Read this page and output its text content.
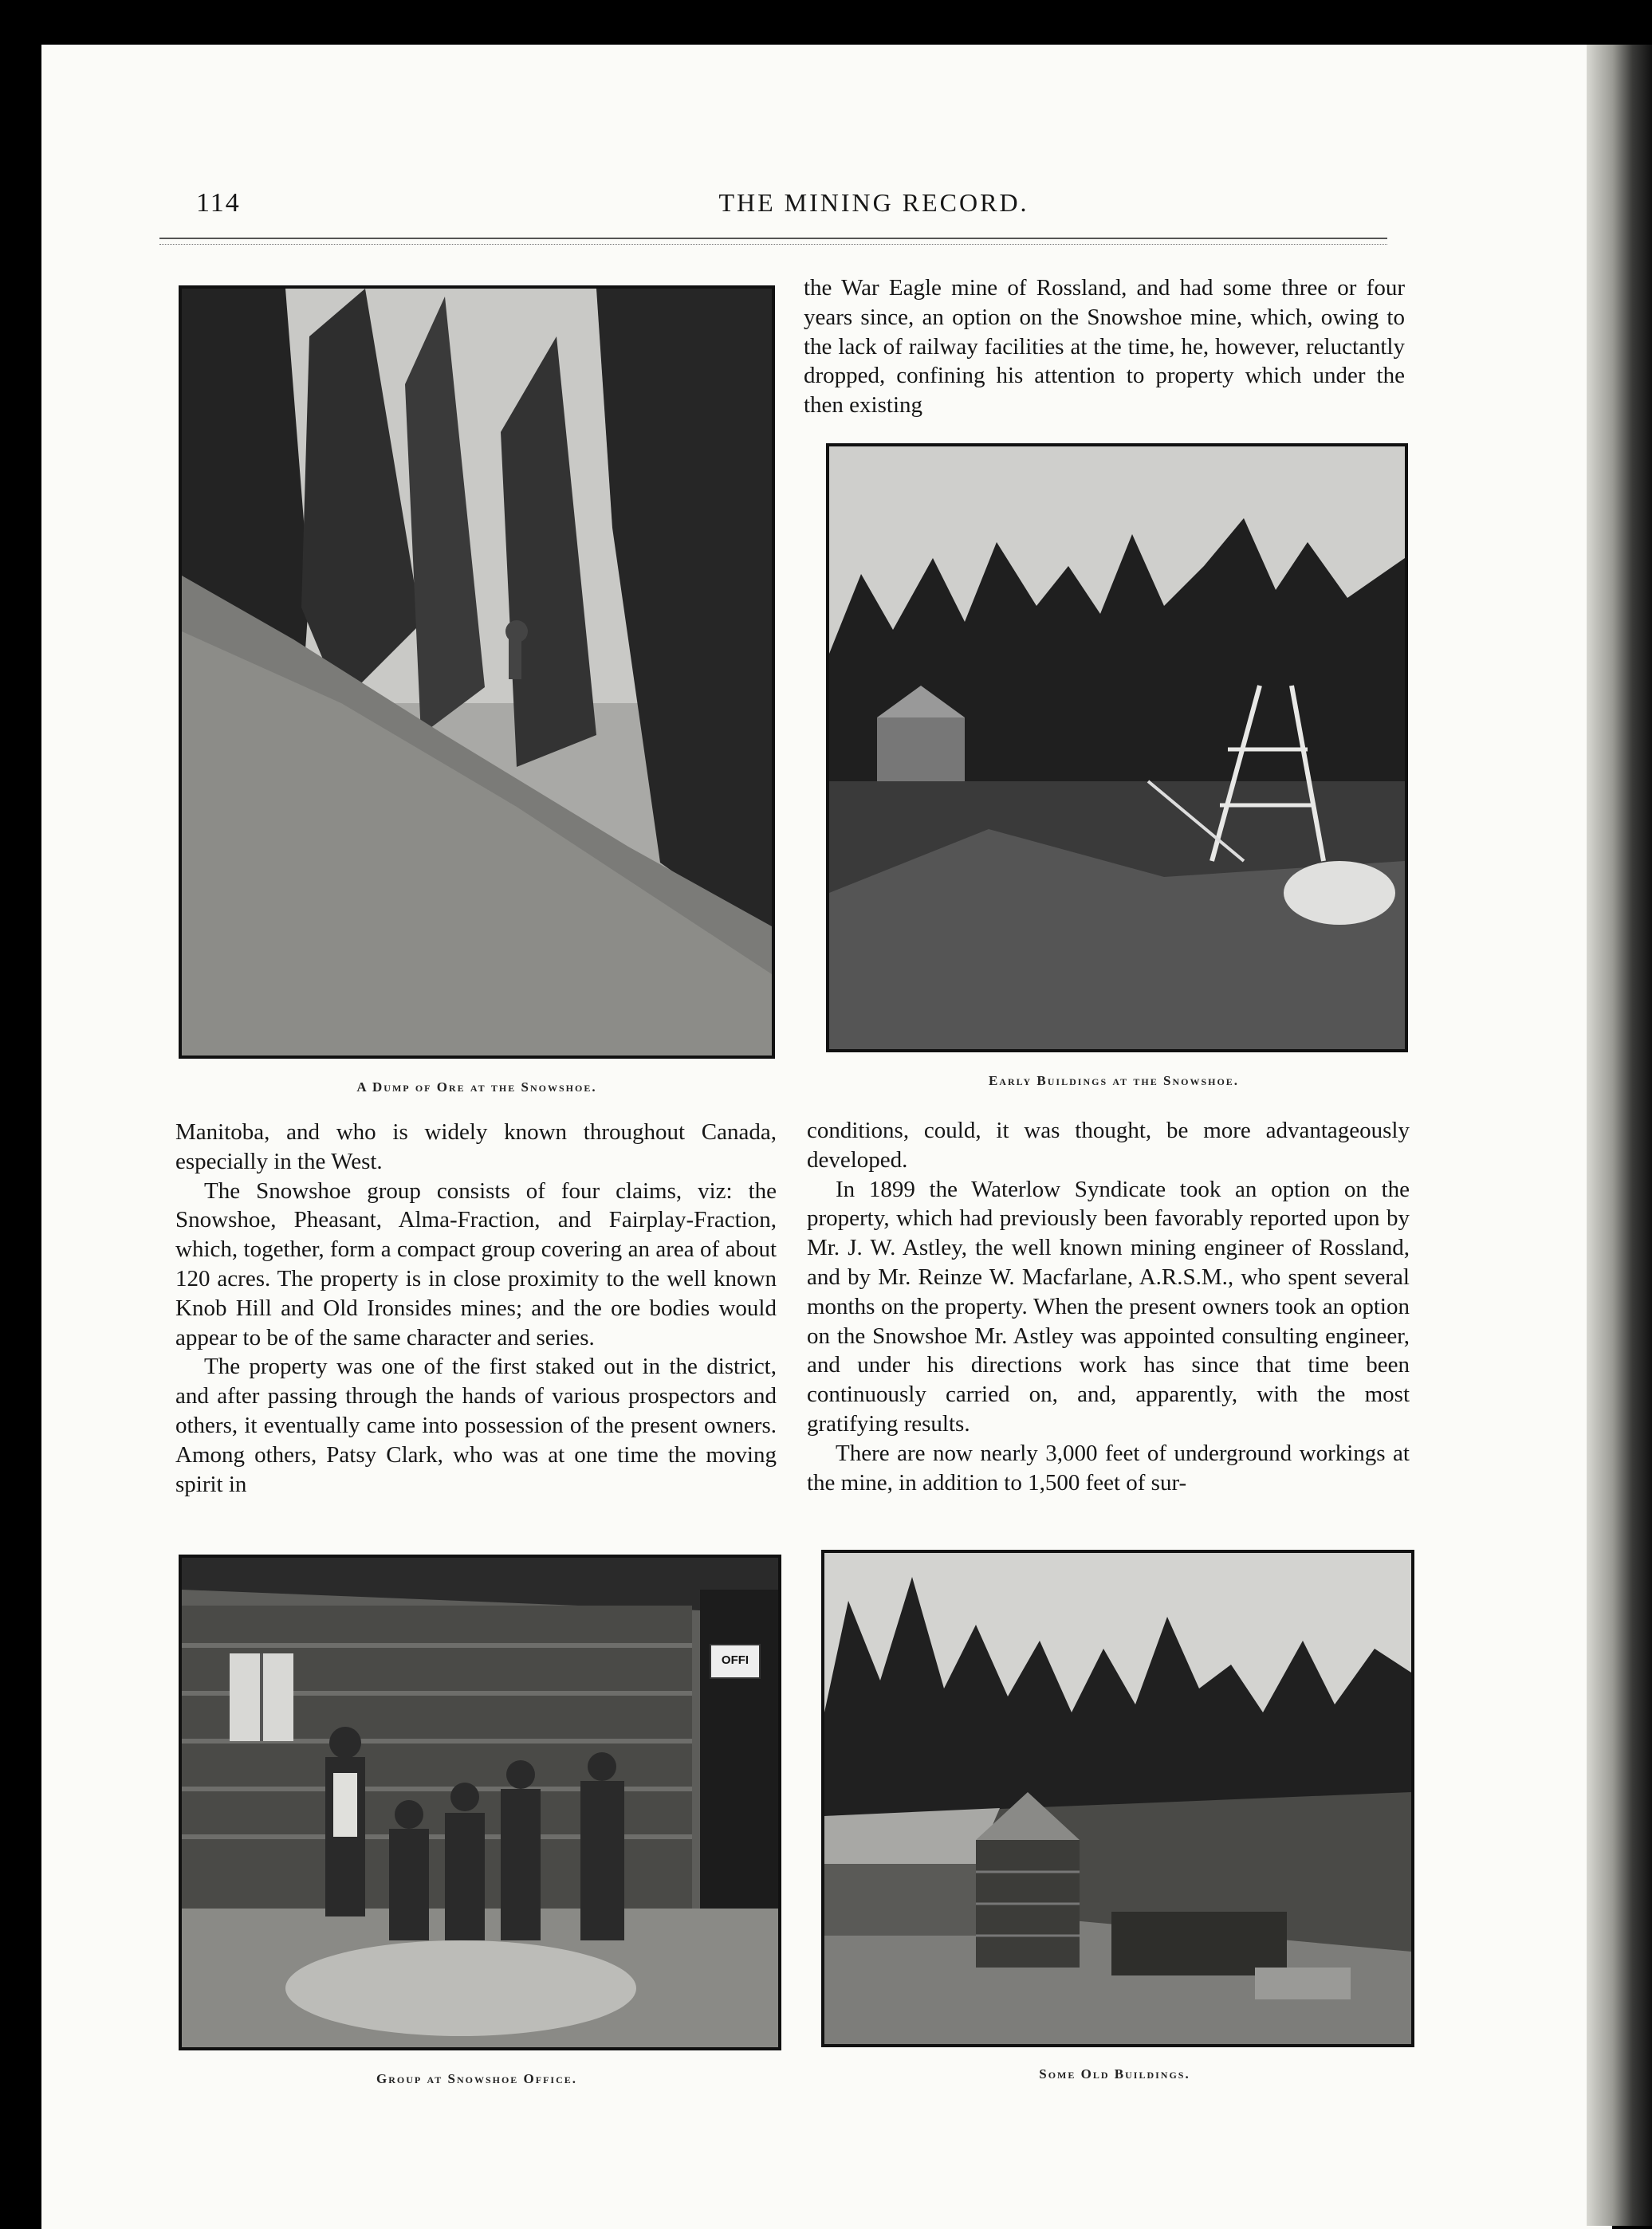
114	THE MINING RECORD.
A Dump of Ore at the Snowshoe.
the War Eagle mine of Rossland, and had some three or four years since, an option on the Snowshoe mine, which, owing to the lack of railway facilities at the time, he, however, reluctantly dropped, confining his attention to property which under the then existing
Early Buildings at the Snowshoe.

Manitoba, and who is widely known throughout Canada, especially in the West.

The Snowshoe group consists of four claims, viz: the Snowshoe, Pheasant, Alma-Fraction, and Fairplay-Fraction, which, together, form a compact group covering an area of about 120 acres. The property is in close proximity to the well known Knob Hill and Old Ironsides mines; and the ore bodies would appear to be of the same character and series.

The property was one of the first staked out in the district, and after passing through the hands of various prospectors and others, it eventually came into possession of the present owners. Among others, Patsy Clark, who was at one time the moving spirit in

conditions, could, it was thought, be more advantageously developed.

In 1899 the Waterlow Syndicate took an option on the property, which had previously been favorably reported upon by Mr. J. W. Astley, the well known mining engineer of Rossland, and by Mr. Reinze W. Macfarlane, A.R.S.M., who spent several months on the property. When the present owners took an option on the Snowshoe Mr. Astley was appointed consulting engineer, and under his directions work has since that time been continuously carried on, and, apparently, with the most gratifying results.

There are now nearly 3,000 feet of underground workings at the mine, in addition to 1,500 feet of sur-

OFFI
Group at Snowshoe Office.	Some Old Buildings.
